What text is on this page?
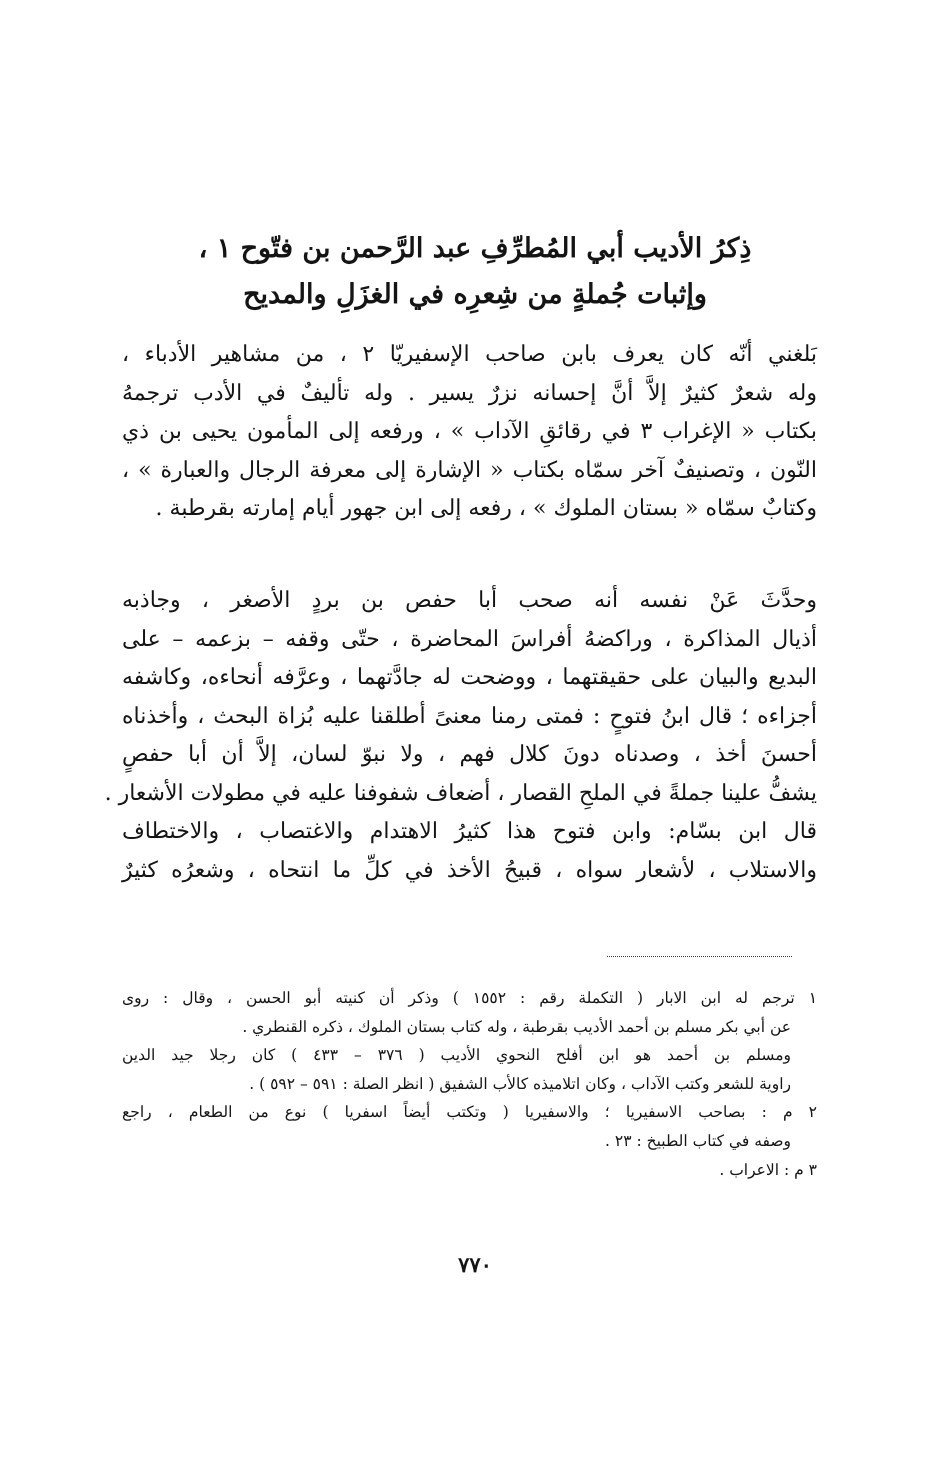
ذِكرُ الأديب أبي المُطرِّفِ عبد الرَّحمن بن فتّوح ١ ،
وإثبات جُملةٍ من شِعرِه في الغزَلِ والمديح
بَلغني أنّه كان يعرف بابن صاحب الإسفيريّا ٢ ، من مشاهير الأدباء ،
وله شعرٌ كثيرٌ إلاَّ أنَّ إحسانه نزرٌ يسير . وله تأليفٌ في الأدب ترجمهُ
بكتاب « الإغراب ٣ في رقائقِ الآداب » ، ورفعه إلى المأمون يحيى بن ذي
النّون ، وتصنيفٌ آخر سمّاه بكتاب « الإشارة إلى معرفة الرجال والعبارة » ،
وكتابٌ سمّاه « بستان الملوك » ، رفعه إلى ابن جهور أيام إمارته بقرطبة .
وحدَّثَ عَنْ نفسه أنه صحب أبا حفص بن بردٍ الأصغر ، وجاذبه
أذيال المذاكرة ، وراكضهُ أفراسَ المحاضرة ، حتّى وقفه – بزعمه – على
البديع والبيان على حقيقتهما ، ووضحت له جادَّتهما ، وعرَّفه أنحاءه، وكاشفه
أجزاءه ؛ قال ابنُ فتوحٍ : فمتى رمنا معنىً أطلقنا عليه بُزاة البحث ، وأخذناه
أحسنَ أخذ ، وصدناه دونَ كلال فهم ، ولا نبوّ لسان، إلاَّ أن أبا حفصٍ
يشفُّ علينا جملةً في الملحِ القصار ، أضعاف شفوفنا عليه في مطولات الأشعار .
قال ابن بسّام: وابن فتوح هذا كثيرُ الاهتدام والاغتصاب ، والاختطاف
والاستلاب ، لأشعار سواه ، قبيحُ الأخذ في كلِّ ما انتحاه ، وشعرُه كثيرٌ
١ ترجم له ابن الابار ( التكملة رقم : ١٥٥٢ ) وذكر أن كنيته أبو الحسن ، وقال : روى
عن أبي بكر مسلم بن أحمد الأديب بقرطبة ، وله كتاب بستان الملوك ، ذكره القنطري .
ومسلم بن أحمد هو ابن أفلح النحوي الأديب ( ٣٧٦ – ٤٣٣ ) كان رجلا جيد الدين
راوية للشعر وكتب الآداب ، وكان اتلاميذه كالأب الشفيق ( انظر الصلة : ٥٩١ – ٥٩٢ ) .
٢ م : بصاحب الاسفيريا ؛ والاسفيريا ( وتكتب أيضاً اسفريا ) نوع من الطعام ، راجع
وصفه في كتاب الطبيخ : ٢٣ .
٣ م : الاعراب .
٧٧٠
